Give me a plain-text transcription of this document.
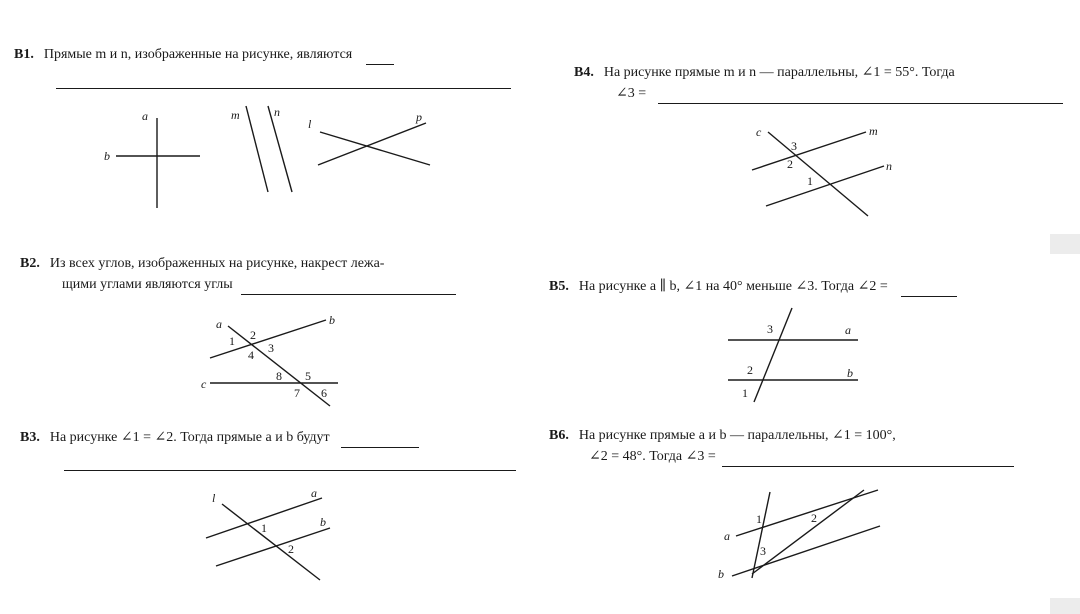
B1. Прямые m и n, изображенные на рисунке, являются
a
b
m	n
l	p
B2. Из всех углов, изображенных на рисунке, накрест лежа-
щими углами являются углы
a	b
c
1 2
3
4
5
6
7
8
B3. На рисунке ∠1 = ∠2. Тогда прямые a и b будут
l	a
b
1
2
B4. На рисунке прямые m и n — параллельны, ∠1 = 55°. Тогда
∠3 =
c	m
n
3
2
1
B5. На рисунке a ∥ b, ∠1 на 40° меньше ∠3. Тогда ∠2 =
3	a
2	b
1
B6. На рисунке прямые a и b — параллельны, ∠1 = 100°,
∠2 = 48°. Тогда ∠3 =
a
b
1	2
3
